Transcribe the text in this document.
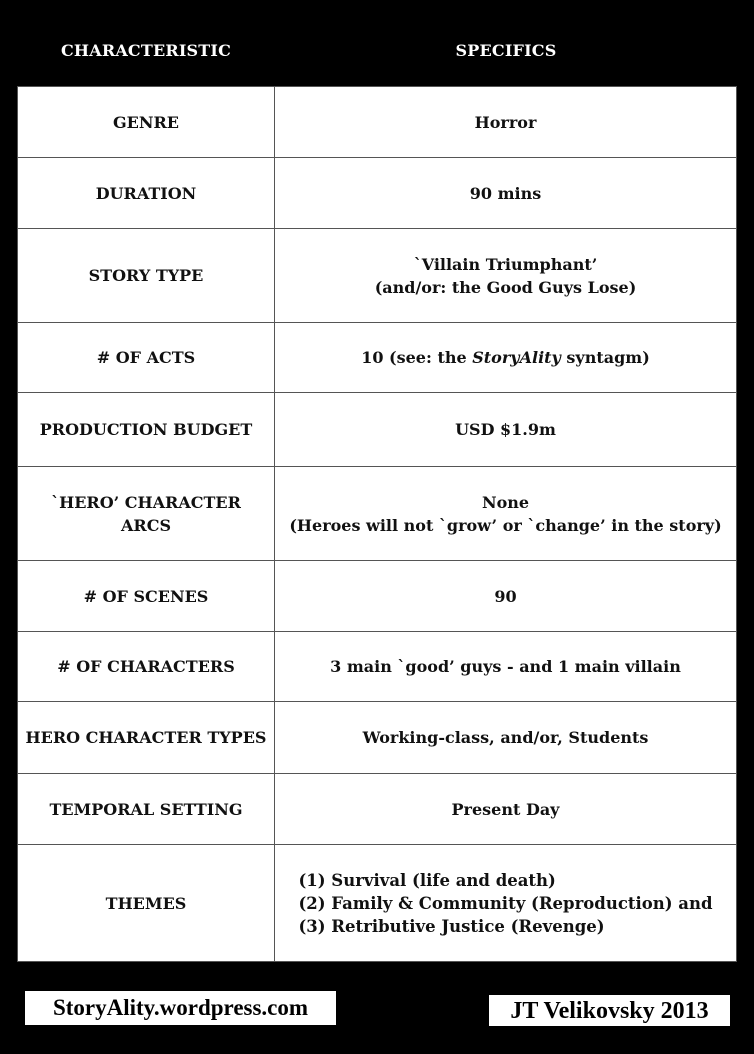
CHARACTERISTIC	SPECIFICS
GENRE	Horror
DURATION	90 mins
STORY TYPE	`Villain Triumphant’
(and/or: the Good Guys Lose)

# OF ACTS	10 (see: the StoryAlity syntagm)
PRODUCTION BUDGET	USD $1.9m
`HERO’ CHARACTER ARCS	None
(Heroes will not `grow’ or `change’ in the story)

# OF SCENES	90
# OF CHARACTERS	3 main `good’ guys - and 1 main villain
HERO CHARACTER TYPES	Working-class, and/or, Students
TEMPORAL SETTING	Present Day
THEMES	(1) Survival (life and death)
(2) Family & Community (Reproduction) and
(3) Retributive Justice (Revenge)
StoryAlity.wordpress.com	JT Velikovsky 2013
